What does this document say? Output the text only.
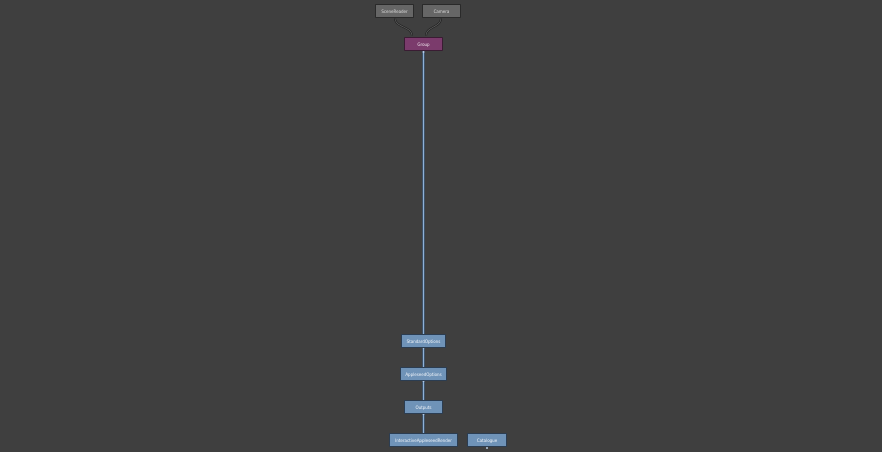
SceneReader	Camera
Group
StandardOptions
AppleseedOptions
Outputs
InteractiveAppleseedRender	Catalogue
